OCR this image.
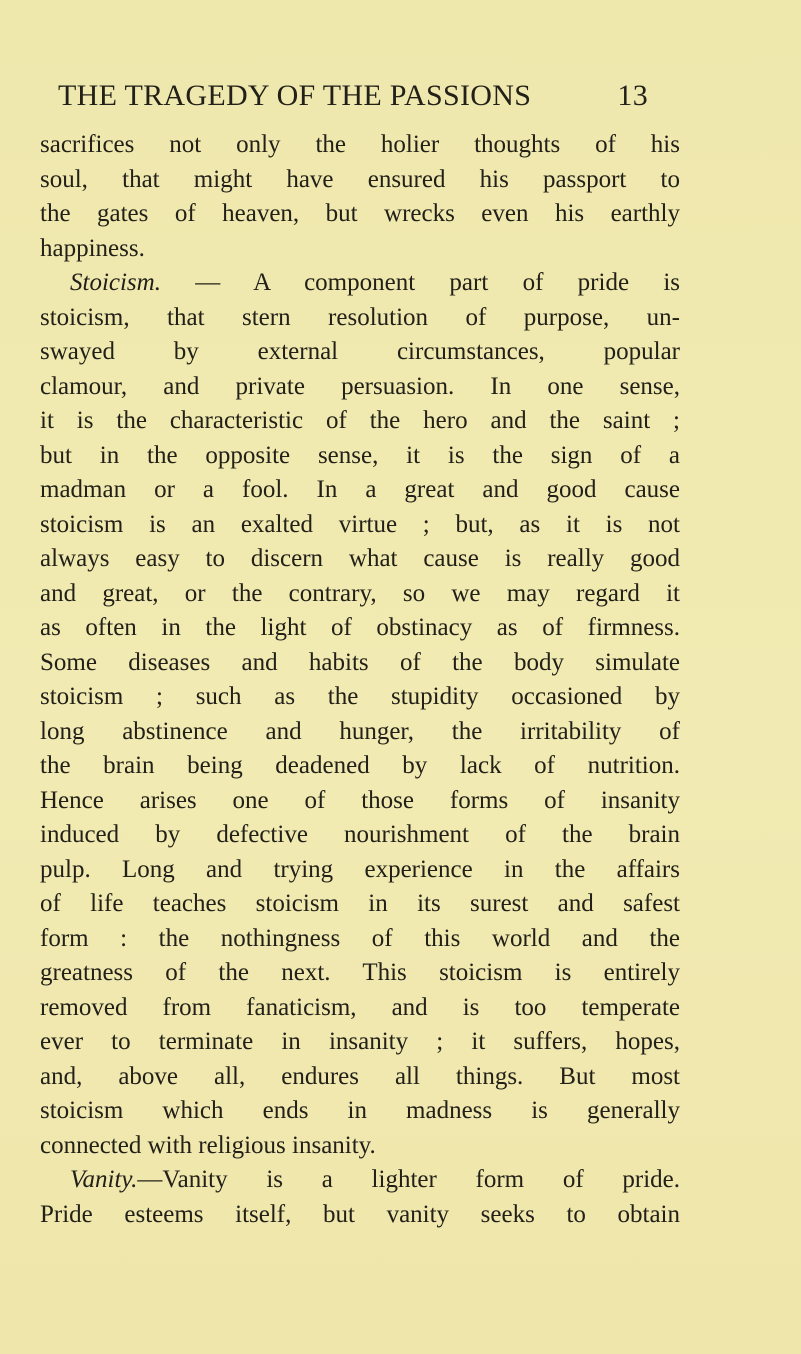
THE TRAGEDY OF THE PASSIONS	13
sacrifices not only the holier thoughts of his
soul, that might have ensured his passport to
the gates of heaven, but wrecks even his earthly
happiness.
Stoicism. — A component part of pride is
stoicism, that stern resolution of purpose, un-
swayed by external circumstances, popular
clamour, and private persuasion. In one sense,
it is the characteristic of the hero and the saint ;
but in the opposite sense, it is the sign of a
madman or a fool. In a great and good cause
stoicism is an exalted virtue ; but, as it is not
always easy to discern what cause is really good
and great, or the contrary, so we may regard it
as often in the light of obstinacy as of firmness.
Some diseases and habits of the body simulate
stoicism ; such as the stupidity occasioned by
long abstinence and hunger, the irritability of
the brain being deadened by lack of nutrition.
Hence arises one of those forms of insanity
induced by defective nourishment of the brain
pulp. Long and trying experience in the affairs
of life teaches stoicism in its surest and safest
form : the nothingness of this world and the
greatness of the next. This stoicism is entirely
removed from fanaticism, and is too temperate
ever to terminate in insanity ; it suffers, hopes,
and, above all, endures all things. But most
stoicism which ends in madness is generally
connected with religious insanity.
Vanity.—Vanity is a lighter form of pride.
Pride esteems itself, but vanity seeks to obtain
